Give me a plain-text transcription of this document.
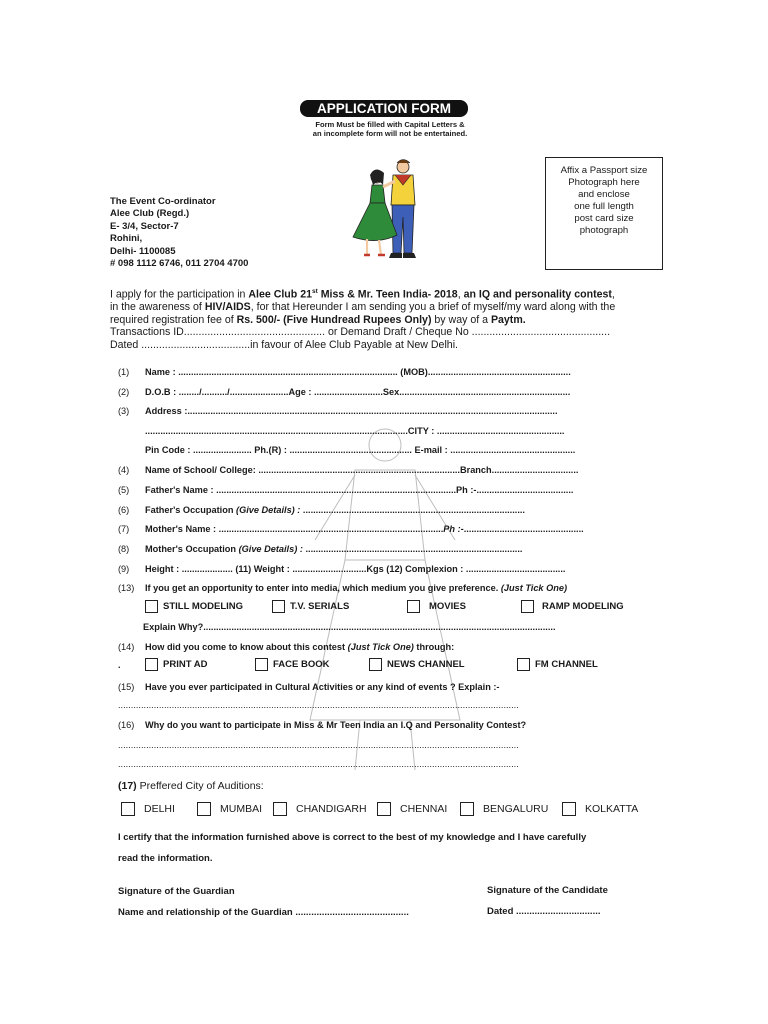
APPLICATION FORM
Form Must be filled with Capital Letters &
an incomplete form will not be entertained.
Affix a Passport size
Photograph here
and enclose
one full length
post card size
photograph
The Event Co-ordinator
Alee Club (Regd.)
E- 3/4, Sector-7
Rohini,
Delhi- 1100085
# 098 1112 6746, 011 2704 4700
I apply for the participation in Alee Club 21st Miss & Mr. Teen India- 2018, an IQ and personality contest,
in the awareness of HIV/AIDS, for that Hereunder I am sending you a brief of myself/my ward along with the
required registration fee of Rs. 500/- (Five Hundread Rupees Only) by way of a Paytm.
Transactions ID................................................ or Demand Draft / Cheque No ...............................................
Dated .....................................in favour of Alee Club Payable at New Delhi.
(1) Name : ...................................................................................... (MOB)........................................................
(2) D.O.B : ......../........../.......................Age : ...........................Sex...................................................................
(3) Address :.................................................................................................................................................
.......................................................................................................CITY : ..................................................
Pin Code : ....................... Ph.(R) : ................................................ E-mail : .................................................
(4) Name of School/ College: ...............................................................................Branch..................................
(5) Father's Name : ..............................................................................................Ph :-......................................
(6) Father's Occupation (Give Details) : .......................................................................................
(7) Mother's Name : ........................................................................................Ph :-...............................................
(8) Mother's Occupation (Give Details) : .....................................................................................
(9) Height : .................... (11) Weight : .............................Kgs (12) Complexion : .......................................
(13) If you get an opportunity to enter into media, which medium you give preference. (Just Tick One)
STILL MODELING	T.V. SERIALS	MOVIES	RAMP MODELING
Explain Why?..........................................................................................................................................
(14) How did you come to know about this contest (Just Tick One) through:
.	PRINT AD	FACE BOOK	NEWS CHANNEL	FM CHANNEL
(15) Have you ever participated in Cultural Activities or any kind of events ? Explain :-
.............................................................................................................................................................
(16) Why do you want to participate in Miss & Mr Teen India an I.Q and Personality Contest?
.............................................................................................................................................................
.............................................................................................................................................................
(17) Preffered City of Auditions:
DELHI	MUMBAI	CHANDIGARH	CHENNAI	BENGALURU	KOLKATTA
I certify that the information furnished above is correct to the best of my knowledge and I have carefully
read the information.
Signature of the Guardian	Signature of the Candidate
Name and relationship of the Guardian ...........................................	Dated ................................
